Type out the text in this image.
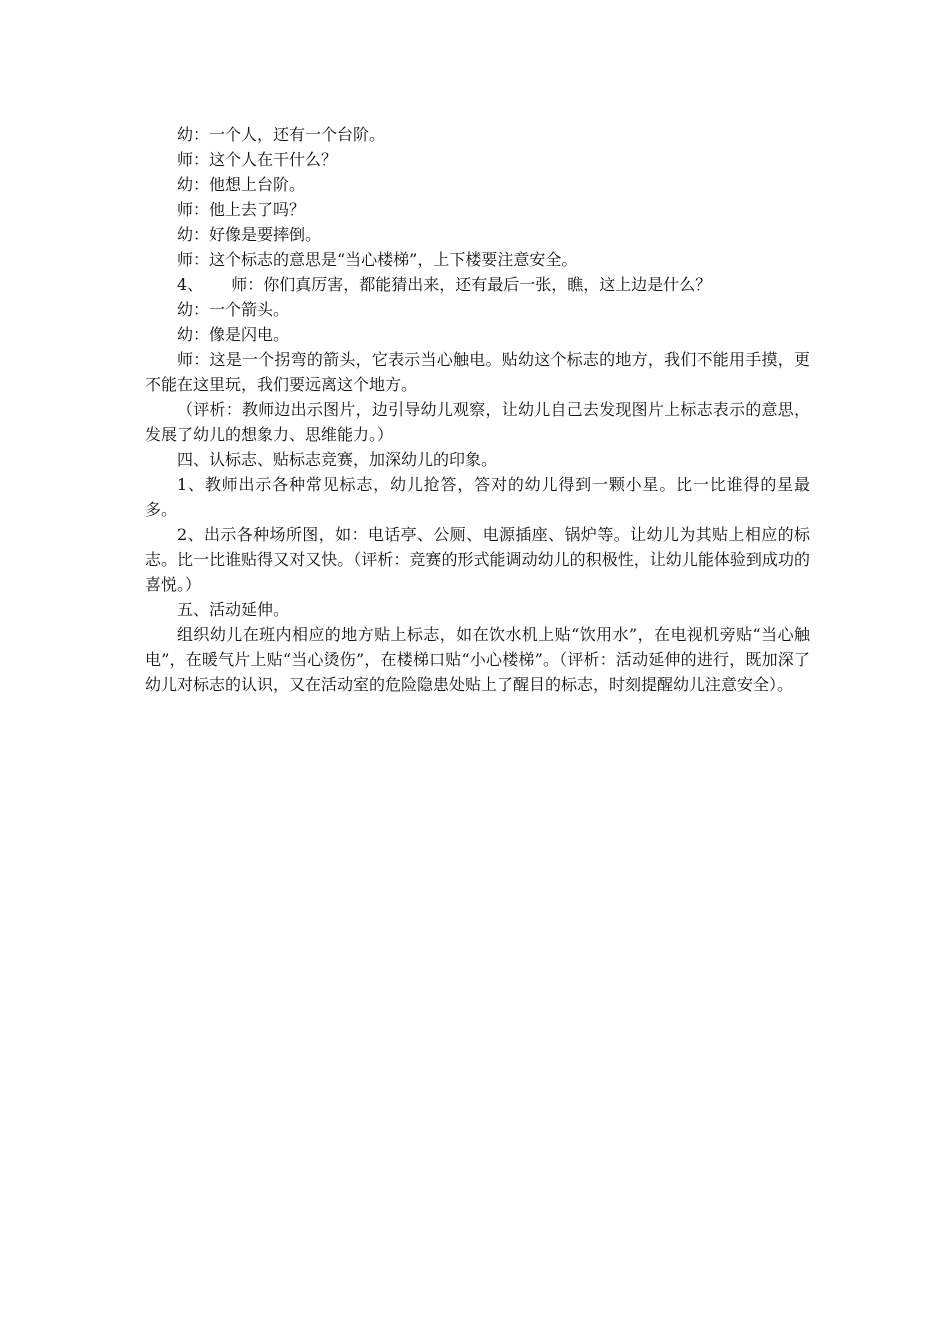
幼：一个人，还有一个台阶。

师：这个人在干什么？

幼：他想上台阶。

师：他上去了吗？

幼：好像是要摔倒。

师：这个标志的意思是“当心楼梯”，上下楼要注意安全。

4、 师：你们真厉害，都能猜出来，还有最后一张，瞧，这上边是什么？

幼：一个箭头。

幼：像是闪电。

师：这是一个拐弯的箭头，它表示当心触电。贴幼这个标志的地方，我们不能用手摸，更不能在这里玩，我们要远离这个地方。

（评析：教师边出示图片，边引导幼儿观察，让幼儿自己去发现图片上标志表示的意思，发展了幼儿的想象力、思维能力。）

四、认标志、贴标志竞赛，加深幼儿的印象。

1、教师出示各种常见标志，幼儿抢答，答对的幼儿得到一颗小星。比一比谁得的星最多。

2、出示各种场所图，如：电话亭、公厕、电源插座、锅炉等。让幼儿为其贴上相应的标志。比一比谁贴得又对又快。（评析：竞赛的形式能调动幼儿的积极性，让幼儿能体验到成功的喜悦。）

五、活动延伸。

组织幼儿在班内相应的地方贴上标志，如在饮水机上贴“饮用水”，在电视机旁贴“当心触电”，在暖气片上贴“当心烫伤”，在楼梯口贴“小心楼梯”。（评析：活动延伸的进行，既加深了幼儿对标志的认识，又在活动室的危险隐患处贴上了醒目的标志，时刻提醒幼儿注意安全）。
